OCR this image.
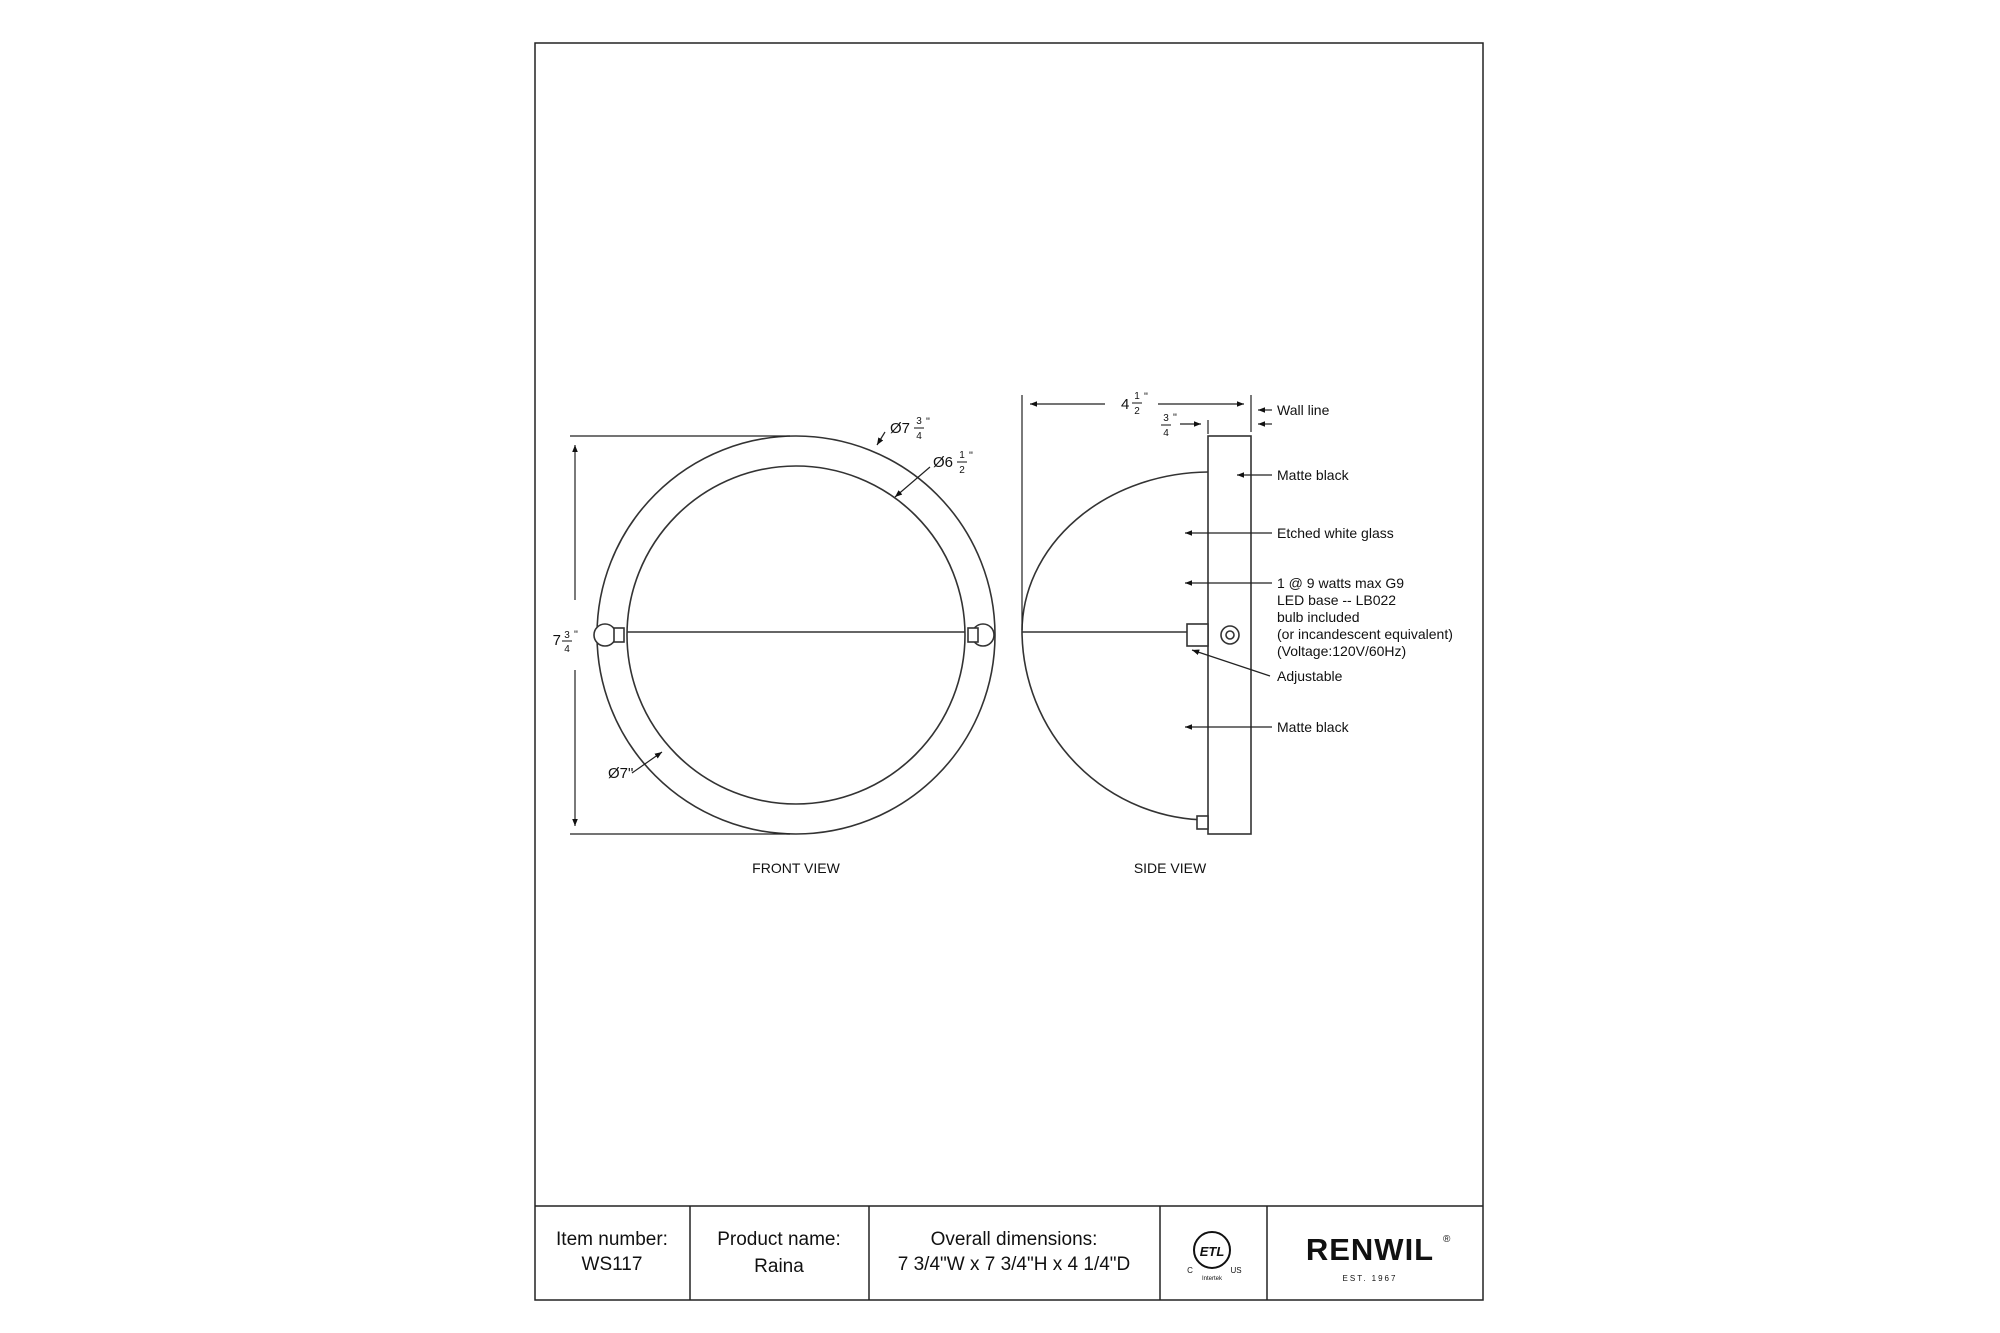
7 3
4
"
Ø7 3
4
"
Ø6 1
2
"
Ø7"
FRONT VIEW
4 1
2
"
3
4
"	Wall line
Matte black
Etched white glass
1 @ 9 watts max G9
LED base -- LB022
bulb included
(or incandescent equivalent)
(Voltage:120V/60Hz)
Adjustable
Matte black
SIDE VIEW
Item number:
WS117
Product name:
Raina
Overall dimensions:
7 3/4"W x 7 3/4"H x 4 1/4"D
ETL
C	US
Intertek
RENWIL ®
EST. 1967
